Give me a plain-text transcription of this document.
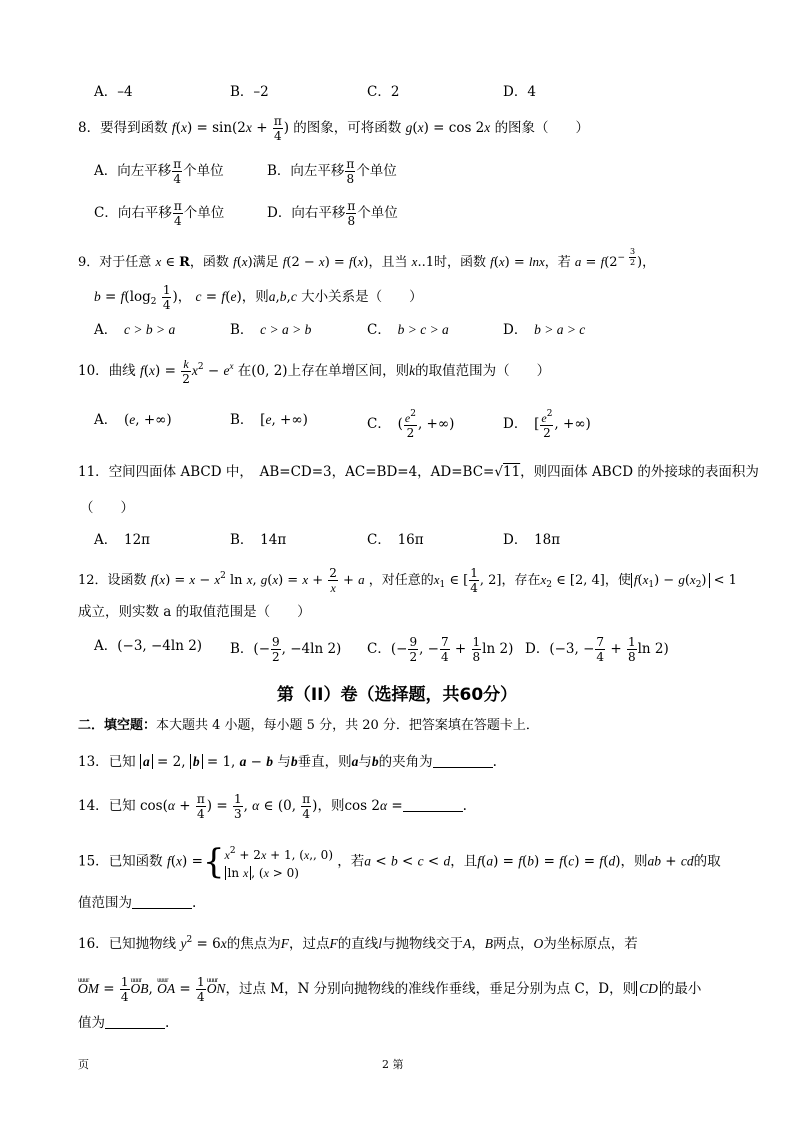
A．–4	B．–2	C．2	D．4
8．要得到函数 $f(x) = \sin(2x + \frac{\pi}{4}$ ) 的图象，可将函数 g(x) = cos 2x 的图象（　　）
A．向左平移 $\frac{\pi}{4}$ 个单位	B．向左平移 $\frac{\pi}{8}$ 个单位
C．向右平移 $\frac{\pi}{4}$ 个单位	D．向右平移 $\frac{\pi}{8}$ 个单位
9．对于任意 x ∈ R，函数 f(x)满足 f(2 − x) = f(x)，且当 x..1时，函数 f(x) = lnx，若 $a = f(2^{- \frac{3}{2}}$ )，
$b = f(\log_2 \frac{1}{4}$ )， c = f(e)，则a,b,c 大小关系是（　　）
A．　 c > b > a	B．　 c > a > b	C．　 b > c > a	D．　 b > a > c
10．曲线 $f(x) = \frac{k}{2} x^2 - e^x$ 在(0, 2)上存在单增区间，则k的取值范围为（　　）
A．　(e, +∞)	B．　[e, +∞)	C．　( $\frac{e^2}{2}$ , +∞)	D．　[ $\frac{e^2}{2}$ , +∞)
11．空间四面体 ABCD 中，　AB=CD=3，AC=BD=4，AD=BC=√11，则四面体 ABCD 的外接球的表面积为
（　　）
A．　12π	B．　14π	C．　16π	D．　18π
12．设函数 $f(x) = x - x^2$ ln x, $g(x) = x + \frac{2}{x} + a$ ，对任意的$x_1$ ∈ [ $\frac{1}{4}$ , 2]，存在$x_2$ ∈ [2, 4]，使 $f(x_1) - g(x_2) < 1$
成立，则实数 a 的取值范围是（　　）
A．(−3, −4ln 2) B．(− $\frac{9}{2}$ , −4ln 2) C．(− $\frac{9}{2}$ , − $\frac{7}{4} + \frac{1}{8}$ ln 2) D．(−3, − $\frac{7}{4} + \frac{1}{8}$ ln 2)
第（II）卷（选择题，共60分）
二．填空题：本大题共 4 小题，每小题 5 分，共 20 分．把答案填在答题卡上．
13．已知 a = 2, b = 1, a − b 与b垂直，则a与b的夹角为	.
14．已知 $\cos(\alpha + \frac{\pi}{4}$ ) = $\frac{1}{3}$ , α ∈ (0, $\frac{\pi}{4}$ )，则cos 2α =	.
15．已知函数 f(x) ={ $x^2 + 2x + 1$, (x,, 0)
ln x , (x > 0)
，若a < b < c < d，且f(a) = f(b) = f(c) = f(d)，则ab + cd的取
值范围为	.
16．已知抛物线 $y^2 = 6x$的焦点为F，过点F的直线l与抛物线交于A，B两点，O为坐标原点，若
uuur OM = $\frac{1}{4}$ uuur OB, uuur OA = $\frac{1}{4}$ uuur ON，过点 M，N 分别向抛物线的准线作垂线，垂足分别为点 C，D，则 CD 的最小
值为	.
页	2 第
